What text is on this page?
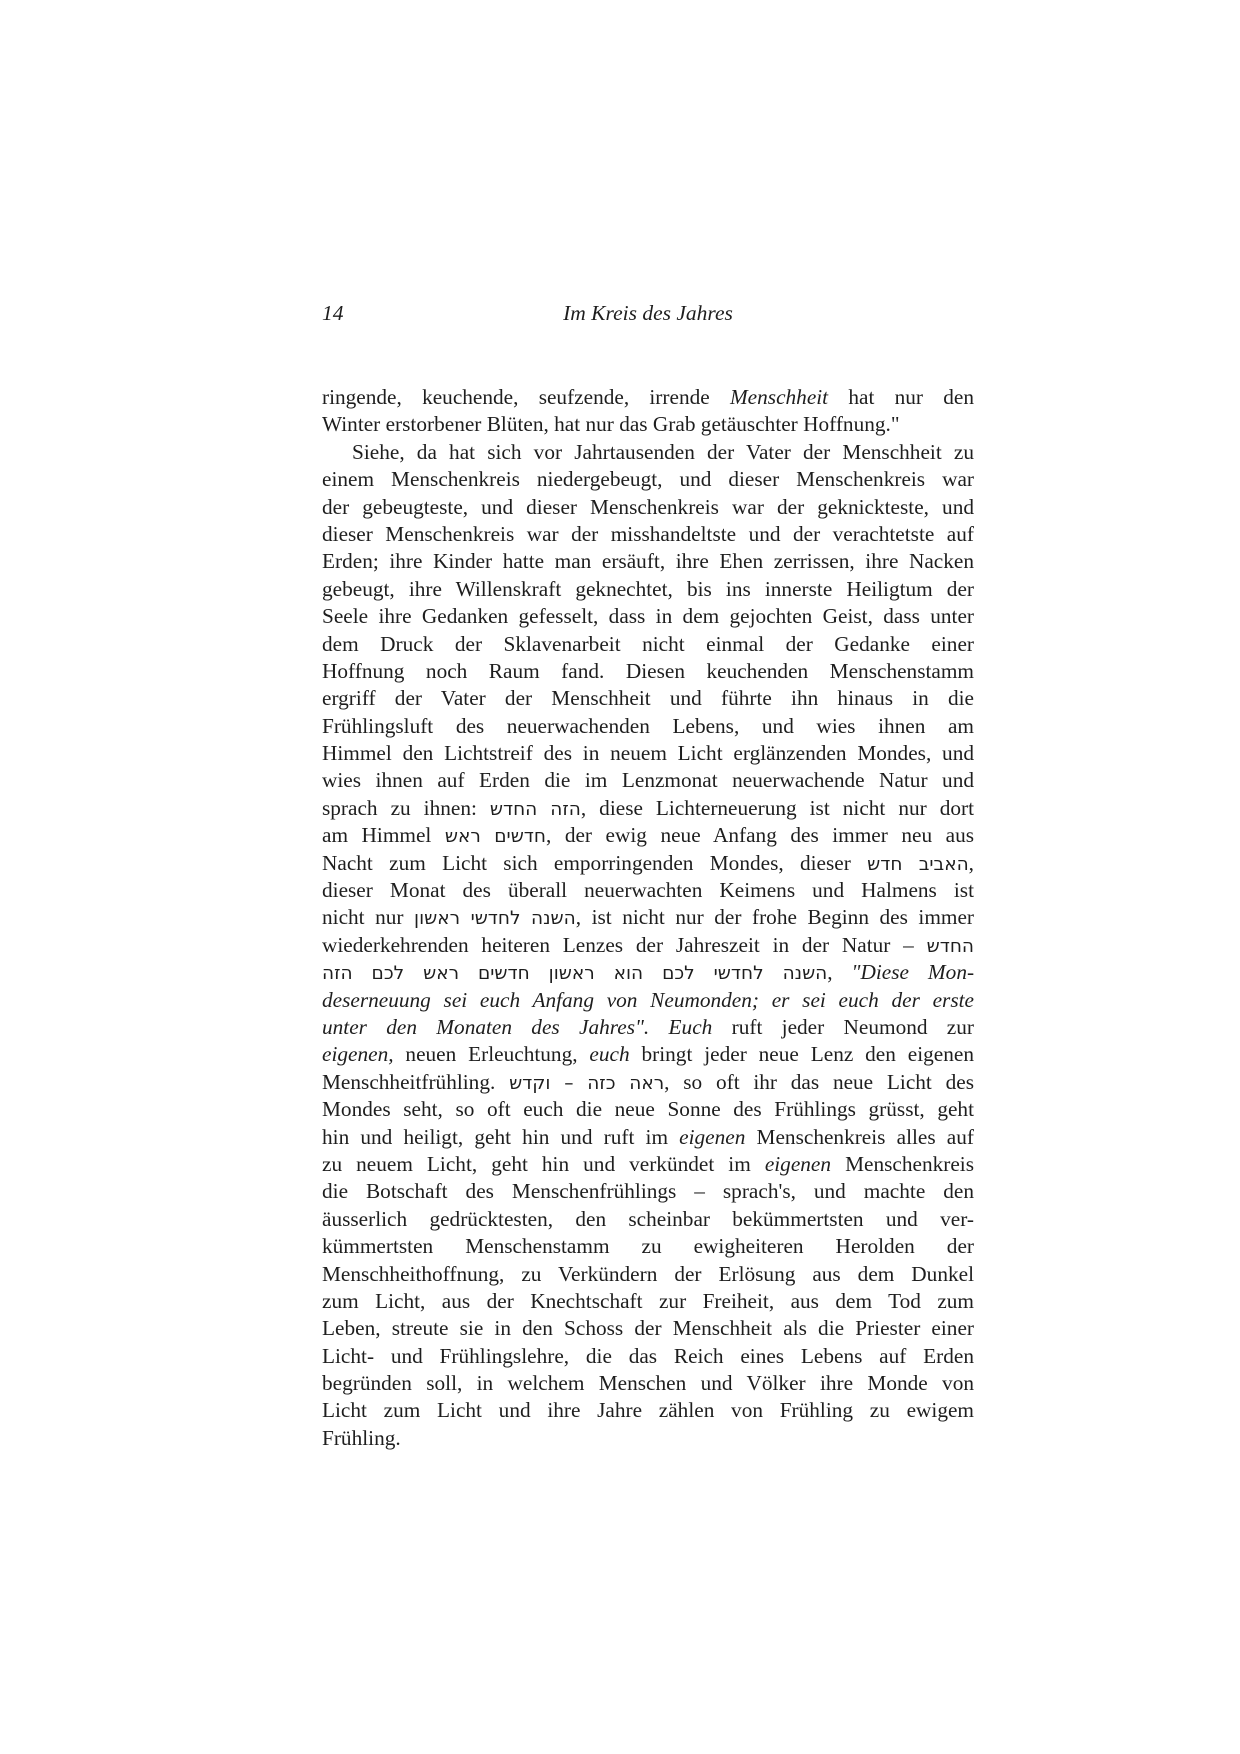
14	Im Kreis des Jahres
ringende, keuchende, seufzende, irrende Menschheit hat nur den
Winter erstorbener Blüten, hat nur das Grab getäuschter Hoffnung."
Siehe, da hat sich vor Jahrtausenden der Vater der Menschheit zu
einem Menschenkreis niedergebeugt, und dieser Menschenkreis war
der gebeugteste, und dieser Menschenkreis war der geknickteste, und
dieser Menschenkreis war der misshandeltste und der verachtetste auf
Erden; ihre Kinder hatte man ersäuft, ihre Ehen zerrissen, ihre Nacken
gebeugt, ihre Willenskraft geknechtet, bis ins innerste Heiligtum der
Seele ihre Gedanken gefesselt, dass in dem gejochten Geist, dass unter
dem Druck der Sklavenarbeit nicht einmal der Gedanke einer
Hoffnung noch Raum fand. Diesen keuchenden Menschenstamm
ergriff der Vater der Menschheit und führte ihn hinaus in die
Frühlingsluft des neuerwachenden Lebens, und wies ihnen am
Himmel den Lichtstreif des in neuem Licht erglänzenden Mondes, und
wies ihnen auf Erden die im Lenzmonat neuerwachende Natur und
sprach zu ihnen: החדש הזה, diese Lichterneuerung ist nicht nur dort
am Himmel ראש חדשים, der ewig neue Anfang des immer neu aus
Nacht zum Licht sich emporringenden Mondes, dieser חדש האביב,
dieser Monat des überall neuerwachten Keimens und Halmens ist
nicht nur ראשון לחדשי השנה, ist nicht nur der frohe Beginn des immer
wiederkehrenden heiteren Lenzes der Jahreszeit in der Natur – החדש
הזה לכם ראש חדשים ראשון הוא לכם לחדשי השנה, "Diese Mon-
deserneuung sei euch Anfang von Neumonden; er sei euch der erste
unter den Monaten des Jahres". Euch ruft jeder Neumond zur
eigenen, neuen Erleuchtung, euch bringt jeder neue Lenz den eigenen
Menschheitfrühling. וקדש – כזה ראה, so oft ihr das neue Licht des
Mondes seht, so oft euch die neue Sonne des Frühlings grüsst, geht
hin und heiligt, geht hin und ruft im eigenen Menschenkreis alles auf
zu neuem Licht, geht hin und verkündet im eigenen Menschenkreis
die Botschaft des Menschenfrühlings – sprach's, und machte den
äusserlich gedrücktesten, den scheinbar bekümmertsten und ver-
kümmertsten Menschenstamm zu ewigheiteren Herolden der
Menschheithoffnung, zu Verkündern der Erlösung aus dem Dunkel
zum Licht, aus der Knechtschaft zur Freiheit, aus dem Tod zum
Leben, streute sie in den Schoss der Menschheit als die Priester einer
Licht- und Frühlingslehre, die das Reich eines Lebens auf Erden
begründen soll, in welchem Menschen und Völker ihre Monde von
Licht zum Licht und ihre Jahre zählen von Frühling zu ewigem
Frühling.
